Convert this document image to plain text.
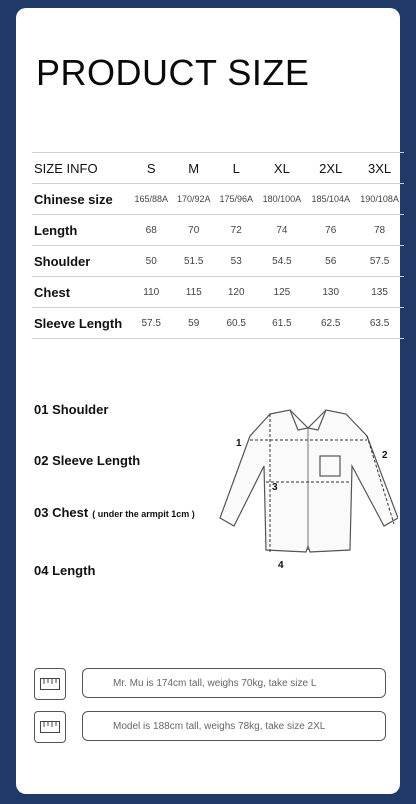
PRODUCT SIZE
SIZE INFO	S	M	L	XL	2XL	3XL
Chinese size	165/88A	170/92A	175/96A	180/100A	185/104A	190/108A
Length	68	70	72	74	76	78
Shoulder	50	51.5	53	54.5	56	57.5
Chest	110	115	120	125	130	135
Sleeve Length	57.5	59	60.5	61.5	62.5	63.5
01 Shoulder
02 Sleeve Length
03 Chest ( under the armpit 1cm )
04 Length
1
2
3
4
Mr. Mu is 174cm tall, weighs 70kg, take size L
Model is 188cm tall, weighs 78kg, take size 2XL
